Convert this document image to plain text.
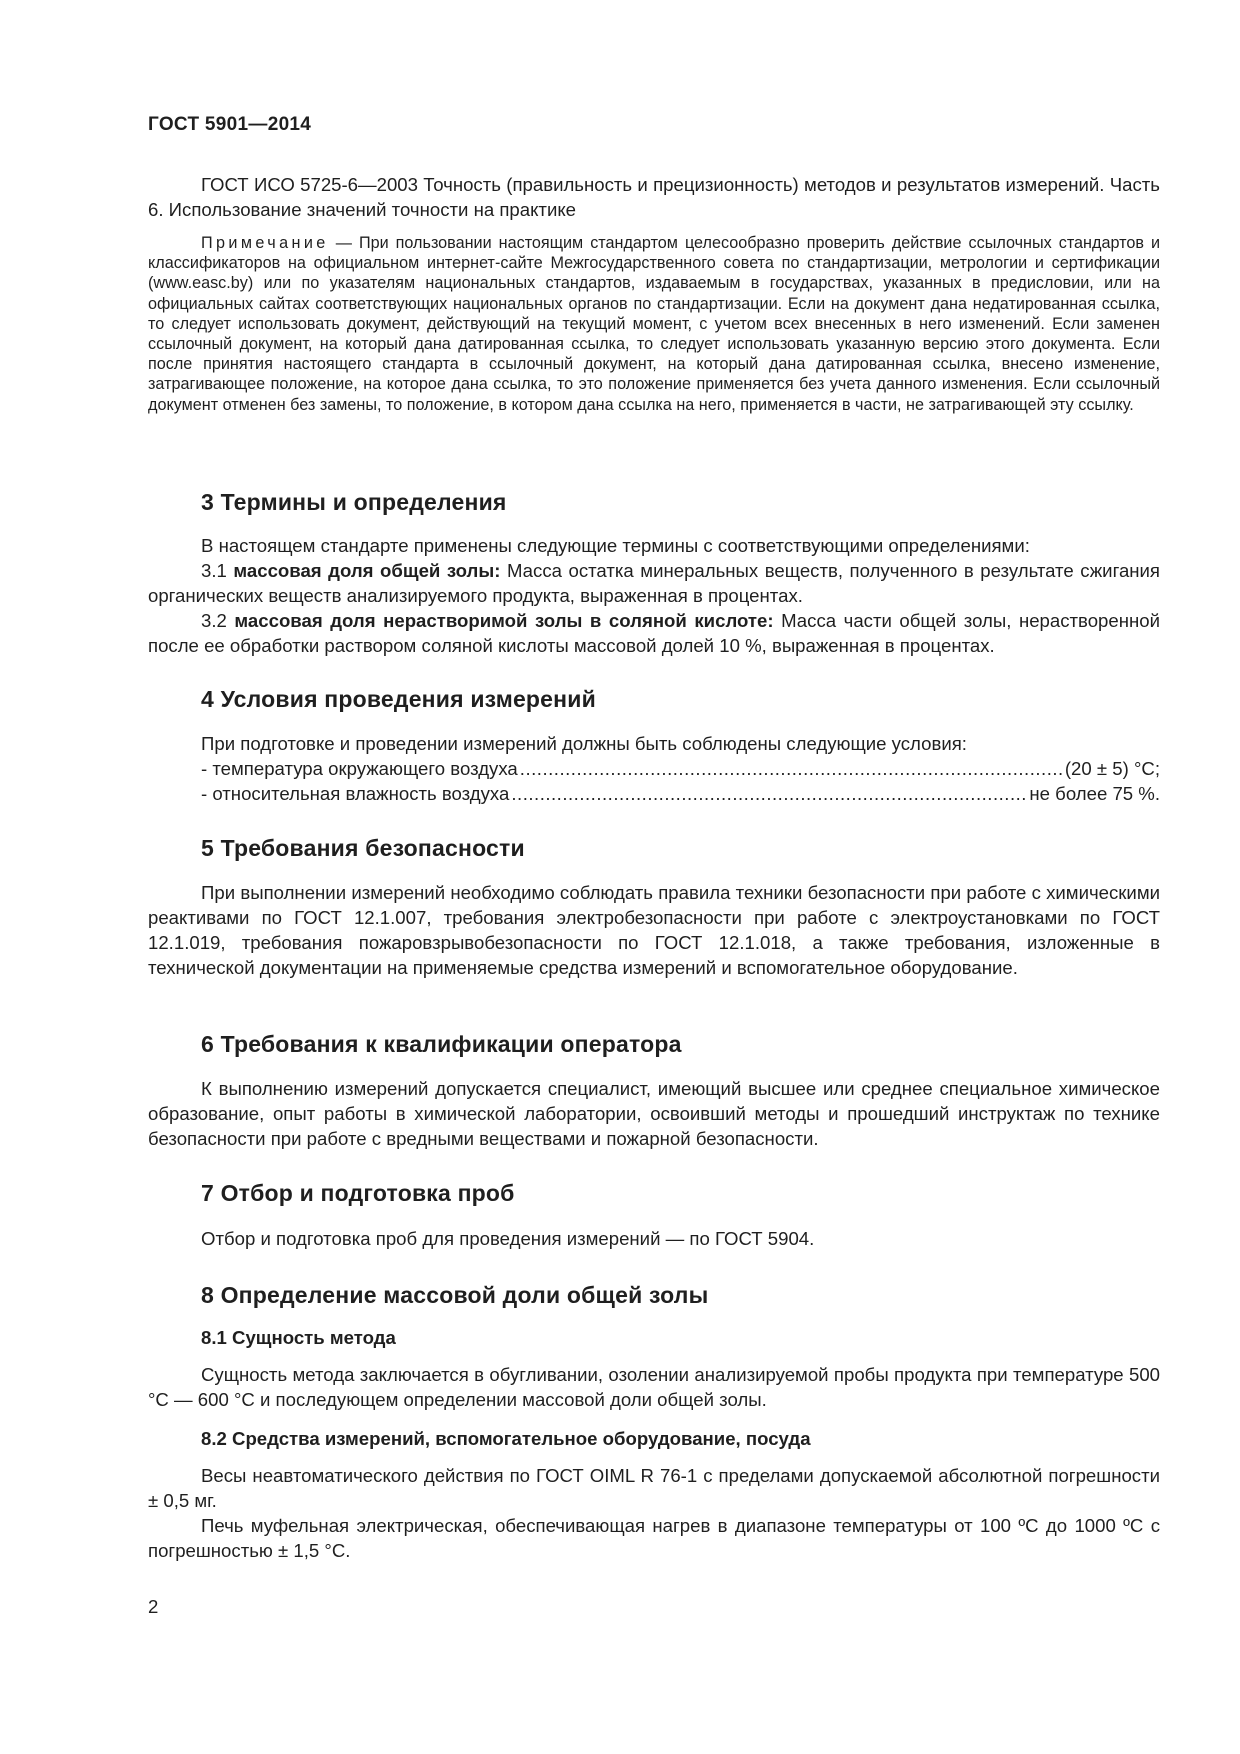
ГОСТ 5901—2014

ГОСТ ИСО 5725-6—2003 Точность (правильность и прецизионность) методов и результатов измерений. Часть 6. Использование значений точности на практике

Примечание — При пользовании настоящим стандартом целесообразно проверить действие ссылочных стандартов и классификаторов на официальном интернет-сайте Межгосударственного совета по стандартизации, метрологии и сертификации (www.easc.by) или по указателям национальных стандартов, издаваемым в государствах, указанных в предисловии, или на официальных сайтах соответствующих национальных органов по стандартизации. Если на документ дана недатированная ссылка, то следует использовать документ, действующий на текущий момент, с учетом всех внесенных в него изменений. Если заменен ссылочный документ, на который дана датированная ссылка, то следует использовать указанную версию этого документа. Если после принятия настоящего стандарта в ссылочный документ, на который дана датированная ссылка, внесено изменение, затрагивающее положение, на которое дана ссылка, то это положение применяется без учета данного изменения. Если ссылочный документ отменен без замены, то положение, в котором дана ссылка на него, применяется в части, не затрагивающей эту ссылку.

3 Термины и определения

В настоящем стандарте применены следующие термины с соответствующими определениями:

3.1 массовая доля общей золы: Масса остатка минеральных веществ, полученного в результате сжигания органических веществ анализируемого продукта, выраженная в процентах.

3.2 массовая доля нерастворимой золы в соляной кислоте: Масса части общей золы, нерастворенной после ее обработки раствором соляной кислоты массовой долей 10 %, выраженная в процентах.

4 Условия проведения измерений

При подготовке и проведении измерений должны быть соблюдены следующие условия:

- температура окружающего воздуха .....	(20 ± 5) °С;
- относительная влажность воздуха .....	не более 75 %.
5 Требования безопасности

При выполнении измерений необходимо соблюдать правила техники безопасности при работе с химическими реактивами по ГОСТ 12.1.007, требования электробезопасности при работе с электроустановками по ГОСТ 12.1.019, требования пожаровзрывобезопасности по ГОСТ 12.1.018, а также требования, изложенные в технической документации на применяемые средства измерений и вспомогательное оборудование.

6 Требования к квалификации оператора

К выполнению измерений допускается специалист, имеющий высшее или среднее специальное химическое образование, опыт работы в химической лаборатории, освоивший методы и прошедший инструктаж по технике безопасности при работе с вредными веществами и пожарной безопасности.

7 Отбор и подготовка проб

Отбор и подготовка проб для проведения измерений — по ГОСТ 5904.

8 Определение массовой доли общей золы
8.1 Сущность метода

Сущность метода заключается в обугливании, озолении анализируемой пробы продукта при температуре 500 °С — 600 °С и последующем определении массовой доли общей золы.

8.2 Средства измерений, вспомогательное оборудование, посуда

Весы неавтоматического действия по ГОСТ OIML R 76-1 с пределами допускаемой абсолютной погрешности ± 0,5 мг.

Печь муфельная электрическая, обеспечивающая нагрев в диапазоне температуры от 100 ºС до 1000 ºС с погрешностью ± 1,5 °С.

2
